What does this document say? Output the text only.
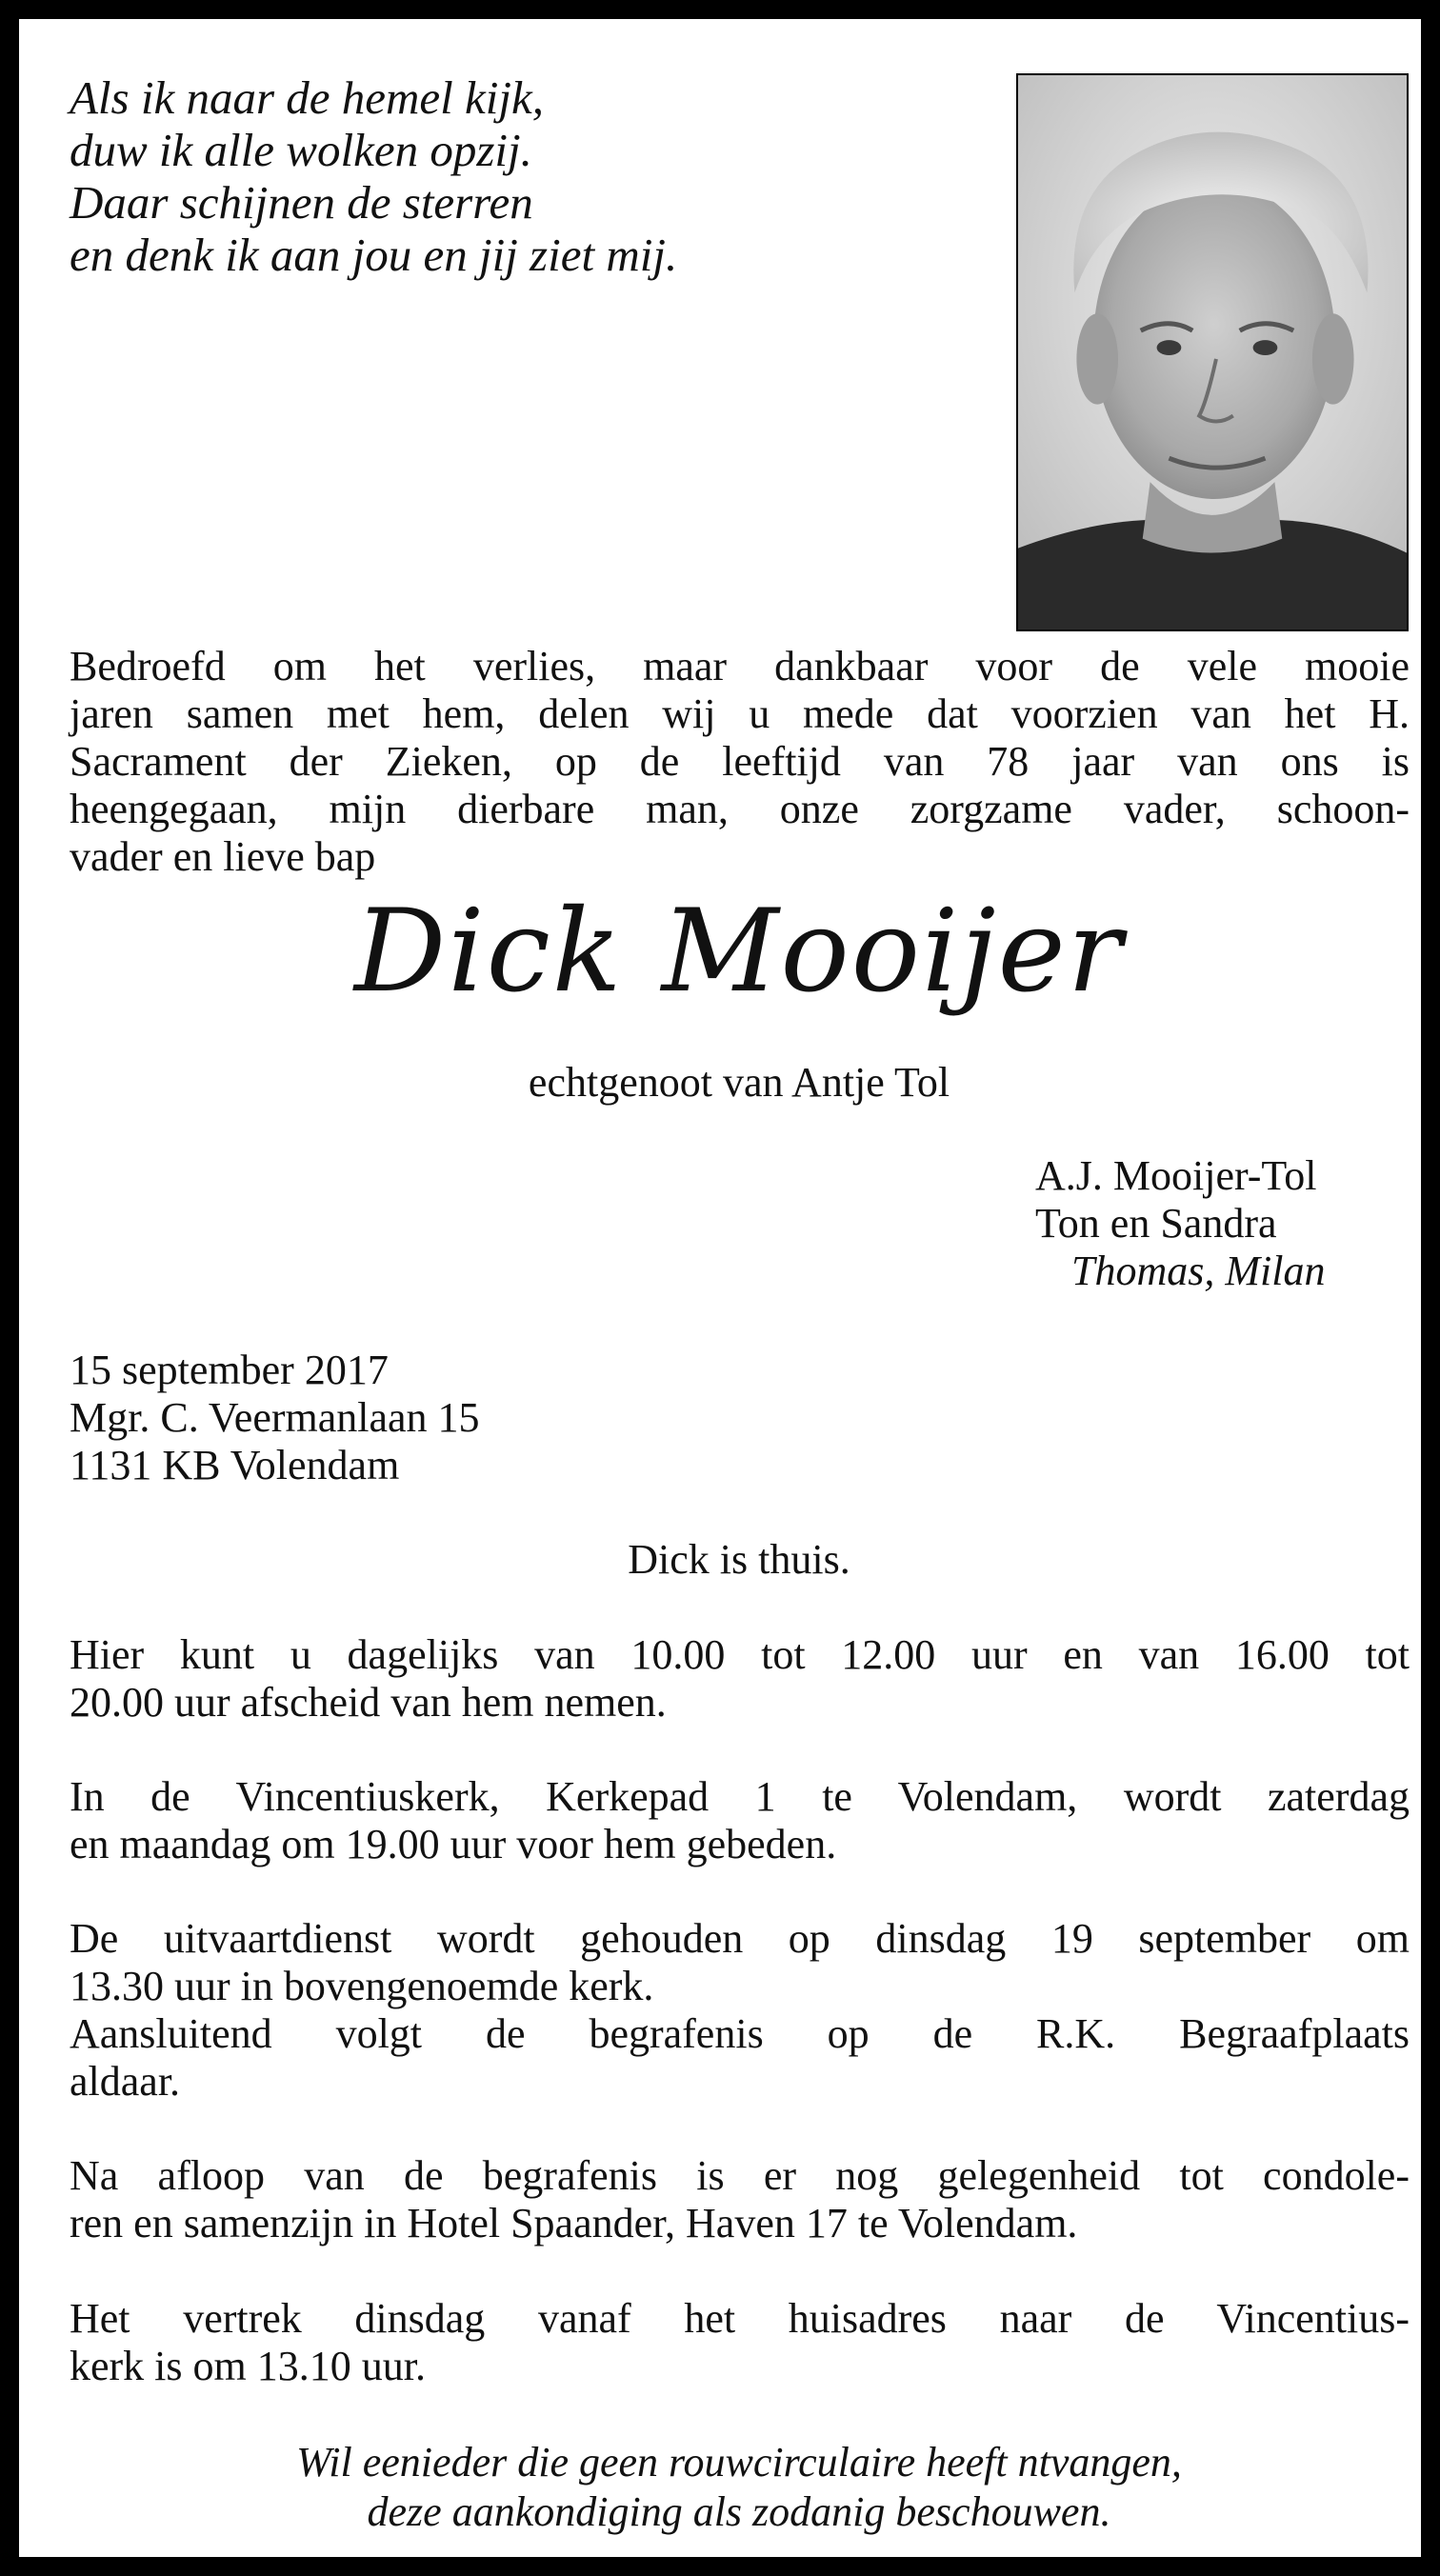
Als ik naar de hemel kijk,
duw ik alle wolken opzij.
Daar schijnen de sterren
en denk ik aan jou en jij ziet mij.
Bedroefd om het verlies, maar dankbaar voor de vele mooie
jaren samen met hem, delen wij u mede dat voorzien van het H.
Sacrament der Zieken, op de leeftijd van 78 jaar van ons is
heengegaan, mijn dierbare man, onze zorgzame vader, schoon-
vader en lieve bap
Dick Mooijer
echtgenoot van Antje Tol
A.J. Mooijer-Tol
Ton en Sandra
Thomas, Milan
15 september 2017
Mgr. C. Veermanlaan 15
1131 KB Volendam
Dick is thuis.
Hier kunt u dagelijks van 10.00 tot 12.00 uur en van 16.00 tot
20.00 uur afscheid van hem nemen.
In de Vincentiuskerk, Kerkepad 1 te Volendam, wordt zaterdag
en maandag om 19.00 uur voor hem gebeden.
De uitvaartdienst wordt gehouden op dinsdag 19 september om
13.30 uur in bovengenoemde kerk.
Aansluitend volgt de begrafenis op de R.K. Begraafplaats
aldaar.
Na afloop van de begrafenis is er nog gelegenheid tot condole-
ren en samenzijn in Hotel Spaander, Haven 17 te Volendam.
Het vertrek dinsdag vanaf het huisadres naar de Vincentius-
kerk is om 13.10 uur.
Wil eenieder die geen rouwcirculaire heeft ntvangen,
deze aankondiging als zodanig beschouwen.
